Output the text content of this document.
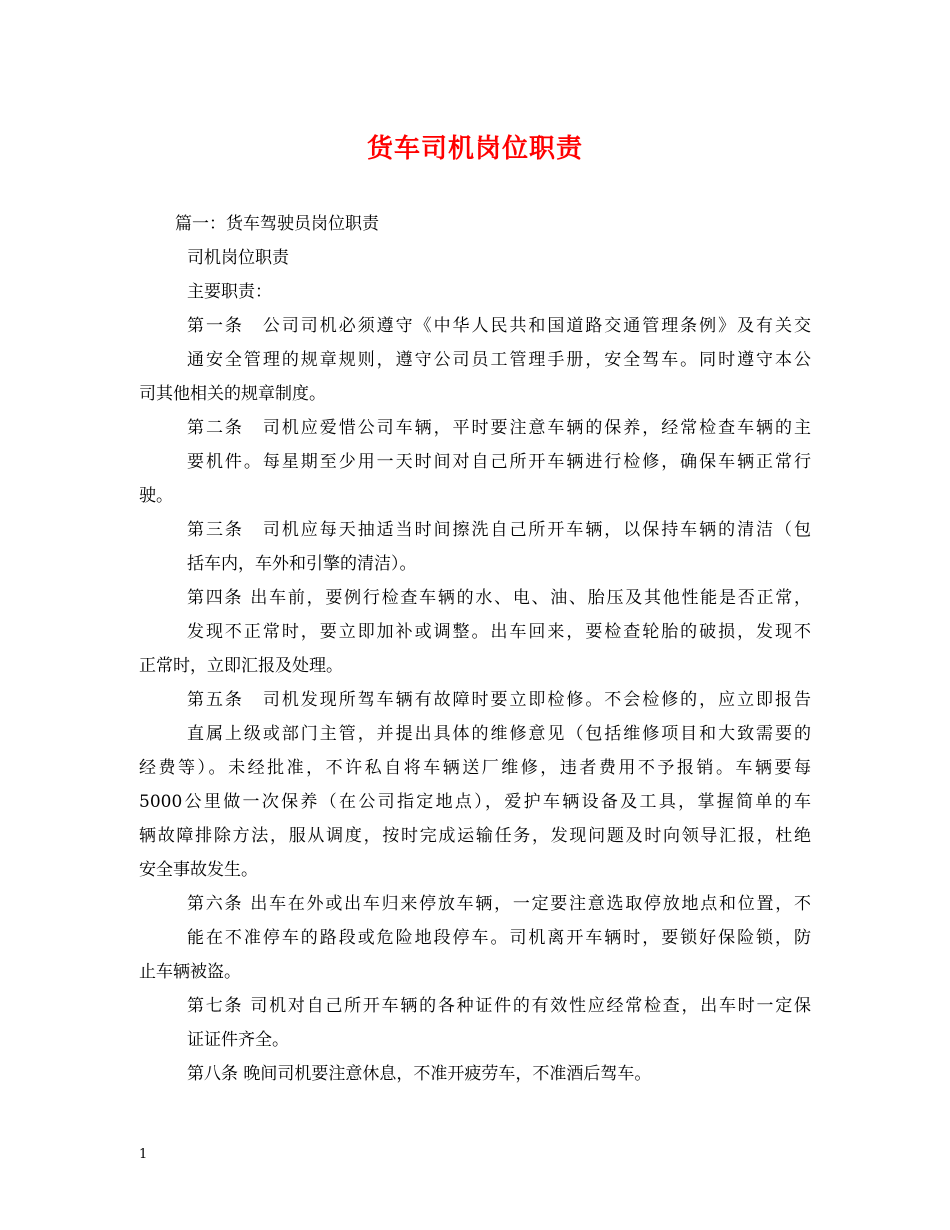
货车司机岗位职责
篇一：货车驾驶员岗位职责
司机岗位职责
主要职责：
第一条　公司司机必须遵守《中华人民共和国道路交通管理条例》及有关交
通安全管理的规章规则，遵守公司员工管理手册，安全驾车。同时遵守本公
司其他相关的规章制度。
第二条　司机应爱惜公司车辆，平时要注意车辆的保养，经常检查车辆的主
要机件。每星期至少用一天时间对自己所开车辆进行检修，确保车辆正常行
驶。
第三条　司机应每天抽适当时间擦洗自己所开车辆，以保持车辆的清洁（包
括车内，车外和引擎的清洁）。
第四条 出车前，要例行检查车辆的水、电、油、胎压及其他性能是否正常，
发现不正常时，要立即加补或调整。出车回来，要检查轮胎的破损，发现不
正常时，立即汇报及处理。
第五条　司机发现所驾车辆有故障时要立即检修。不会检修的，应立即报告
直属上级或部门主管，并提出具体的维修意见（包括维修项目和大致需要的
经费等）。未经批准，不许私自将车辆送厂维修，违者费用不予报销。车辆要每
5000公里做一次保养（在公司指定地点），爱护车辆设备及工具，掌握简单的车
辆故障排除方法，服从调度，按时完成运输任务，发现问题及时向领导汇报，杜绝
安全事故发生。
第六条 出车在外或出车归来停放车辆，一定要注意选取停放地点和位置，不
能在不准停车的路段或危险地段停车。司机离开车辆时，要锁好保险锁，防
止车辆被盗。
第七条 司机对自己所开车辆的各种证件的有效性应经常检查，出车时一定保
证证件齐全。
第八条 晚间司机要注意休息，不准开疲劳车，不准酒后驾车。
1
